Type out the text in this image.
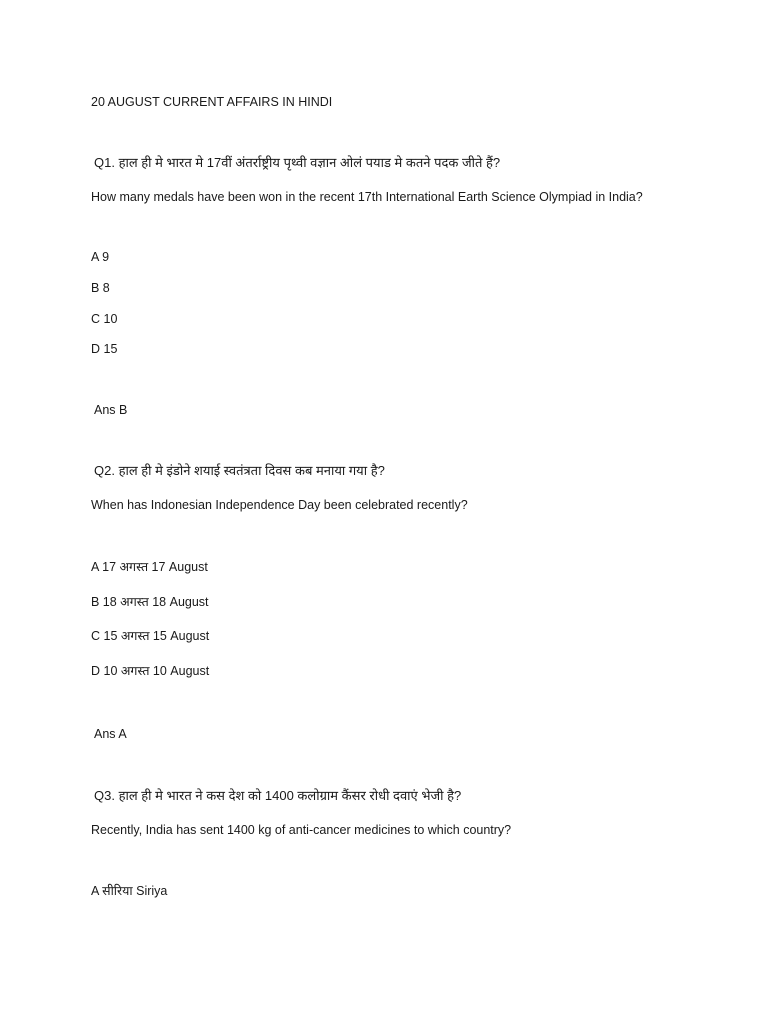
20 AUGUST CURRENT AFFAIRS IN HINDI

Q1. हाल ही मे भारत मे 17वीं अंतर्राष्ट्रीय पृथ्वी वज्ञान ओलं पयाड मे कतने पदक जीते हैं?

How many medals have been won in the recent 17th International Earth Science Olympiad in India?

A 9

B 8

C 10

D 15

Ans B

Q2. हाल ही मे इंडोने शयाई स्वतंत्रता दिवस कब मनाया गया है?

When has Indonesian Independence Day been celebrated recently?

A 17 अगस्त 17 August

B 18 अगस्त 18 August

C 15 अगस्त 15 August

D 10 अगस्त 10 August

Ans A

Q3. हाल ही मे भारत ने कस देश को 1400 कलोग्राम कैंसर रोधी दवाएं भेजी है?

Recently, India has sent 1400 kg of anti-cancer medicines to which country?

A सीरिया Siriya
